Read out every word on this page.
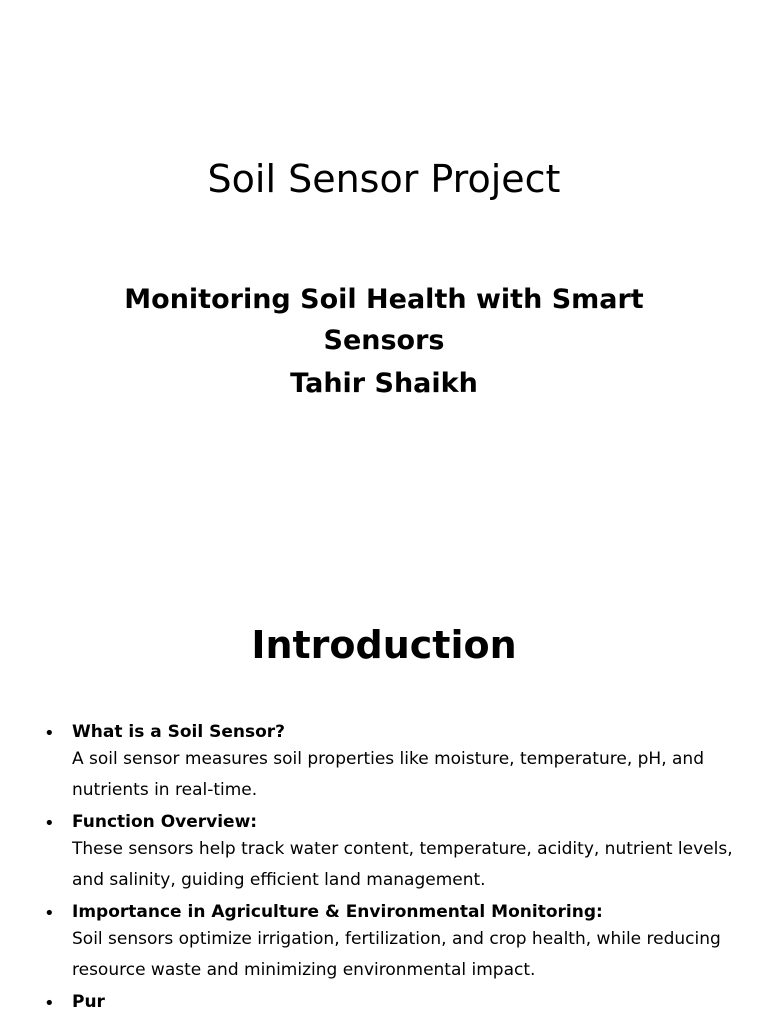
Soil Sensor Project
Monitoring Soil Health with Smart Sensors
Tahir Shaikh
Introduction
• What is a Soil Sensor?
A soil sensor measures soil properties like moisture, temperature, pH, and nutrients in real-time.
• Function Overview:
These sensors help track water content, temperature, acidity, nutrient levels, and salinity, guiding efficient land management.
• Importance in Agriculture & Environmental Monitoring:
Soil sensors optimize irrigation, fertilization, and crop health, while reducing resource waste and minimizing environmental impact.
• Pur
